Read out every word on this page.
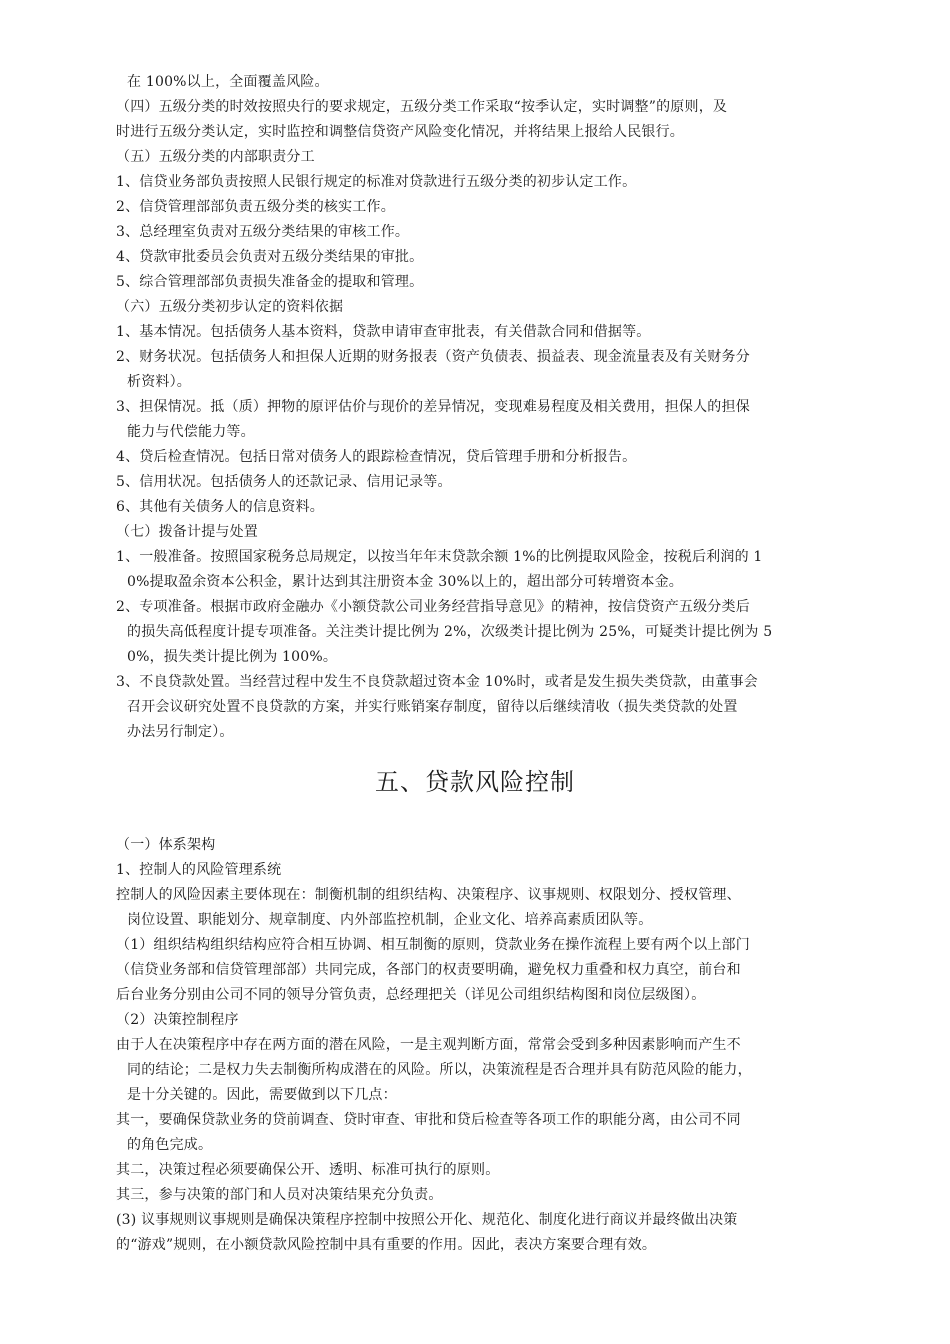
在 100%以上，全面覆盖风险。
（四）五级分类的时效按照央行的要求规定，五级分类工作采取“按季认定，实时调整”的原则，及
时进行五级分类认定，实时监控和调整信贷资产风险变化情况，并将结果上报给人民银行。
（五）五级分类的内部职责分工
1、信贷业务部负责按照人民银行规定的标准对贷款进行五级分类的初步认定工作。
2、信贷管理部部负责五级分类的核实工作。
3、总经理室负责对五级分类结果的审核工作。
4、贷款审批委员会负责对五级分类结果的审批。
5、综合管理部部负责损失准备金的提取和管理。
（六）五级分类初步认定的资料依据
1、基本情况。包括债务人基本资料，贷款申请审查审批表，有关借款合同和借据等。
2、财务状况。包括债务人和担保人近期的财务报表（资产负债表、损益表、现金流量表及有关财务分
析资料）。
3、担保情况。抵（质）押物的原评估价与现价的差异情况，变现难易程度及相关费用，担保人的担保
能力与代偿能力等。
4、贷后检查情况。包括日常对债务人的跟踪检查情况，贷后管理手册和分析报告。
5、信用状况。包括债务人的还款记录、信用记录等。
6、其他有关债务人的信息资料。
（七）拨备计提与处置
1、一般准备。按照国家税务总局规定，以按当年年末贷款余额 1%的比例提取风险金，按税后利润的 1
0%提取盈余资本公积金，累计达到其注册资本金 30%以上的，超出部分可转增资本金。
2、专项准备。根据市政府金融办《小额贷款公司业务经营指导意见》的精神，按信贷资产五级分类后
的损失高低程度计提专项准备。关注类计提比例为 2%，次级类计提比例为 25%，可疑类计提比例为 5
0%，损失类计提比例为 100%。
3、不良贷款处置。当经营过程中发生不良贷款超过资本金 10%时，或者是发生损失类贷款，由董事会
召开会议研究处置不良贷款的方案，并实行账销案存制度，留待以后继续清收（损失类贷款的处置
办法另行制定）。
五、贷款风险控制
（一）体系架构
1、控制人的风险管理系统
控制人的风险因素主要体现在：制衡机制的组织结构、决策程序、议事规则、权限划分、授权管理、
岗位设置、职能划分、规章制度、内外部监控机制，企业文化、培养高素质团队等。
（1）组织结构组织结构应符合相互协调、相互制衡的原则，贷款业务在操作流程上要有两个以上部门
（信贷业务部和信贷管理部部）共同完成，各部门的权责要明确，避免权力重叠和权力真空，前台和
后台业务分别由公司不同的领导分管负责，总经理把关（详见公司组织结构图和岗位层级图）。
（2）决策控制程序
由于人在决策程序中存在两方面的潜在风险，一是主观判断方面，常常会受到多种因素影响而产生不
同的结论；二是权力失去制衡所构成潜在的风险。所以，决策流程是否合理并具有防范风险的能力，
是十分关键的。因此，需要做到以下几点：
其一，要确保贷款业务的贷前调查、贷时审查、审批和贷后检查等各项工作的职能分离，由公司不同
的角色完成。
其二，决策过程必须要确保公开、透明、标准可执行的原则。
其三，参与决策的部门和人员对决策结果充分负责。
(3) 议事规则议事规则是确保决策程序控制中按照公开化、规范化、制度化进行商议并最终做出决策
的“游戏”规则，在小额贷款风险控制中具有重要的作用。因此，表决方案要合理有效。
